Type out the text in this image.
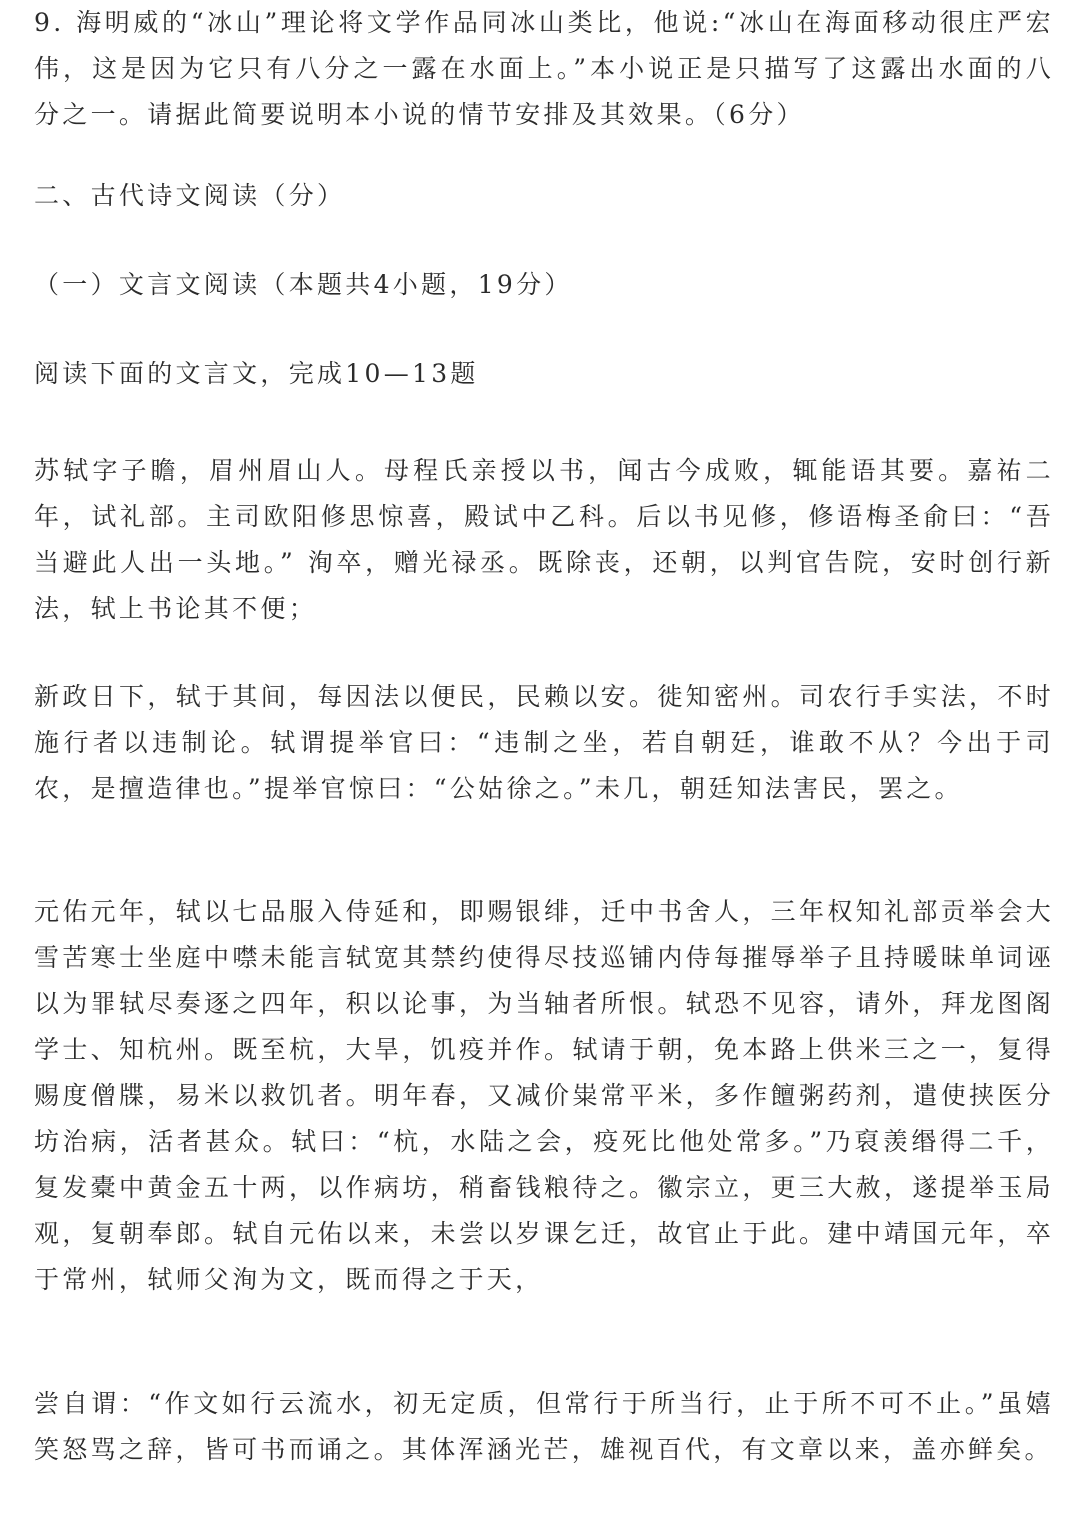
9. 海明威的“冰山”理论将文学作品同冰山类比，他说:“冰山在海面移动很庄严宏伟，这是因为它只有八分之一露在水面上。”本小说正是只描写了这露出水面的八分之一。请据此简要说明本小说的情节安排及其效果。（6分）

二、古代诗文阅读（分）

（一）文言文阅读（本题共4小题，19分）

阅读下面的文言文，完成10—13题

苏轼字子瞻，眉州眉山人。母程氏亲授以书，闻古今成败，辄能语其要。嘉祐二年，试礼部。主司欧阳修思惊喜，殿试中乙科。后以书见修，修语梅圣俞曰：“吾当避此人出一头地。” 洵卒，赠光禄丞。既除丧，还朝，以判官告院，安时创行新法，轼上书论其不便；

新政日下，轼于其间，每因法以便民，民赖以安。徙知密州。司农行手实法，不时施行者以违制论。轼谓提举官曰：“违制之坐，若自朝廷，谁敢不从？今出于司农，是擅造律也。”提举官惊曰：“公姑徐之。”未几，朝廷知法害民，罢之。

元佑元年，轼以七品服入侍延和，即赐银绯，迁中书舍人，三年权知礼部贡举会大雪苦寒士坐庭中噤未能言轼宽其禁约使得尽技巡铺内侍每摧辱举子且持暖昧单词诬以为罪轼尽奏逐之四年，积以论事，为当轴者所恨。轼恐不见容，请外，拜龙图阁学士、知杭州。既至杭，大旱，饥疫并作。轼请于朝，免本路上供米三之一，复得赐度僧牒，易米以救饥者。明年春，又减价粜常平米，多作饘粥药剂，遣使挟医分坊治病，活者甚众。轼曰：“杭，水陆之会，疫死比他处常多。”乃裒羡缗得二千，复发橐中黄金五十两，以作病坊，稍畜钱粮待之。徽宗立，更三大赦，遂提举玉局观，复朝奉郎。轼自元佑以来，未尝以岁课乞迁，故官止于此。建中靖国元年，卒于常州，轼师父洵为文，既而得之于天，

尝自谓：“作文如行云流水，初无定质，但常行于所当行，止于所不可不止。”虽嬉笑怒骂之辞，皆可书而诵之。其体浑涵光芒，雄视百代，有文章以来，盖亦鲜矣。
